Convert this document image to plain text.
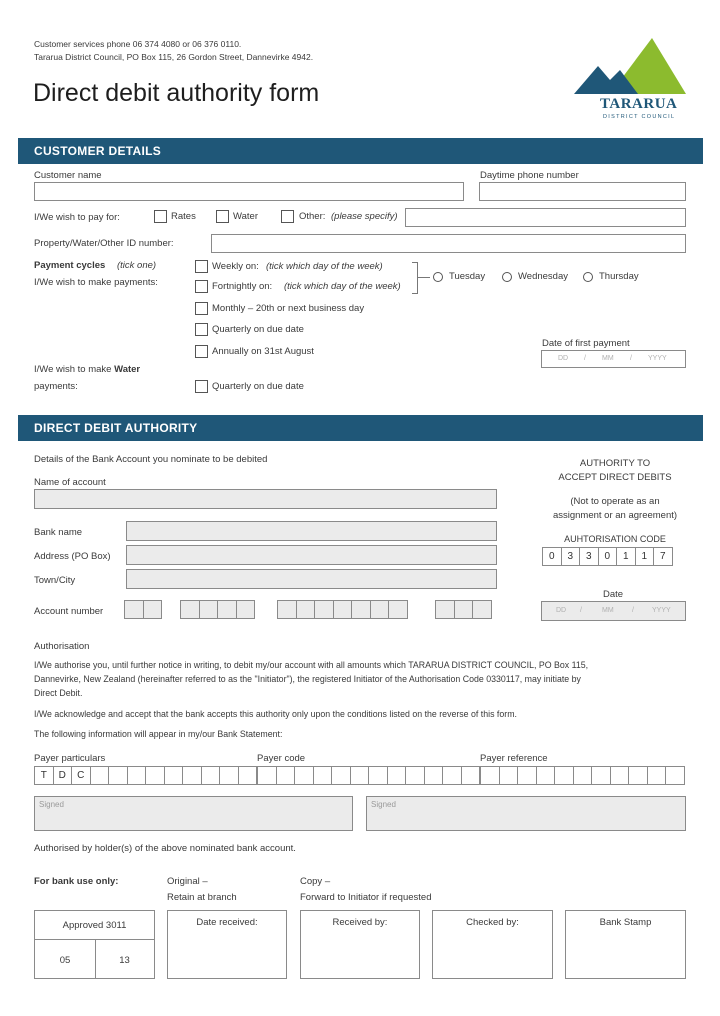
Customer services phone 06 374 4080 or 06 376 0110.
Tararua District Council, PO Box 115, 26 Gordon Street, Dannevirke 4942.
Direct debit authority form	TARARUA
DISTRICT COUNCIL
CUSTOMER DETAILS
Customer name	Daytime phone number
I/We wish to pay for:	Rates	Water	Other: (please specify)
Property/Water/Other ID number:
Payment cycles (tick one)
I/We wish to make payments:
Weekly on: (tick which day of the week)
Fortnightly on: (tick which day of the week)
Tuesday	Wednesday	Thursday
Monthly – 20th or next business day
Quarterly on due date
Annually on 31st August
Date of first payment
DD / MM / YYYY
I/We wish to make Water
payments:	Quarterly on due date
DIRECT DEBIT AUTHORITY
Details of the Bank Account you nominate to be debited
Name of account
Bank name
Address (PO Box)
Town/City
Account number
AUTHORITY TO
ACCEPT DIRECT DEBITS
(Not to operate as an
assignment or an agreement)
AUHTORISATION CODE
0	3	3	0	1	1	7
Date
DD /	MM	/	YYYY
Authorisation
I/We authorise you, until further notice in writing, to debit my/our account with all amounts which TARARUA DISTRICT COUNCIL, PO Box 115,
Dannevirke, New Zealand (hereinafter referred to as the "Initiator"), the registered Initiator of the Authorisation Code 0330117, may initiate by
Direct Debit.
I/We acknowledge and accept that the bank accepts this authority only upon the conditions listed on the reverse of this form.
The following information will appear in my/our Bank Statement:
Payer particulars
T	D	C
Payer code	Payer reference
Signed	Signed
Authorised by holder(s) of the above nominated bank account.
For bank use only:	Original –
Retain at branch
Copy –
Forward to Initiator if requested
Approved 3011
05	13
Date received:	Received by:	Checked by:	Bank Stamp
